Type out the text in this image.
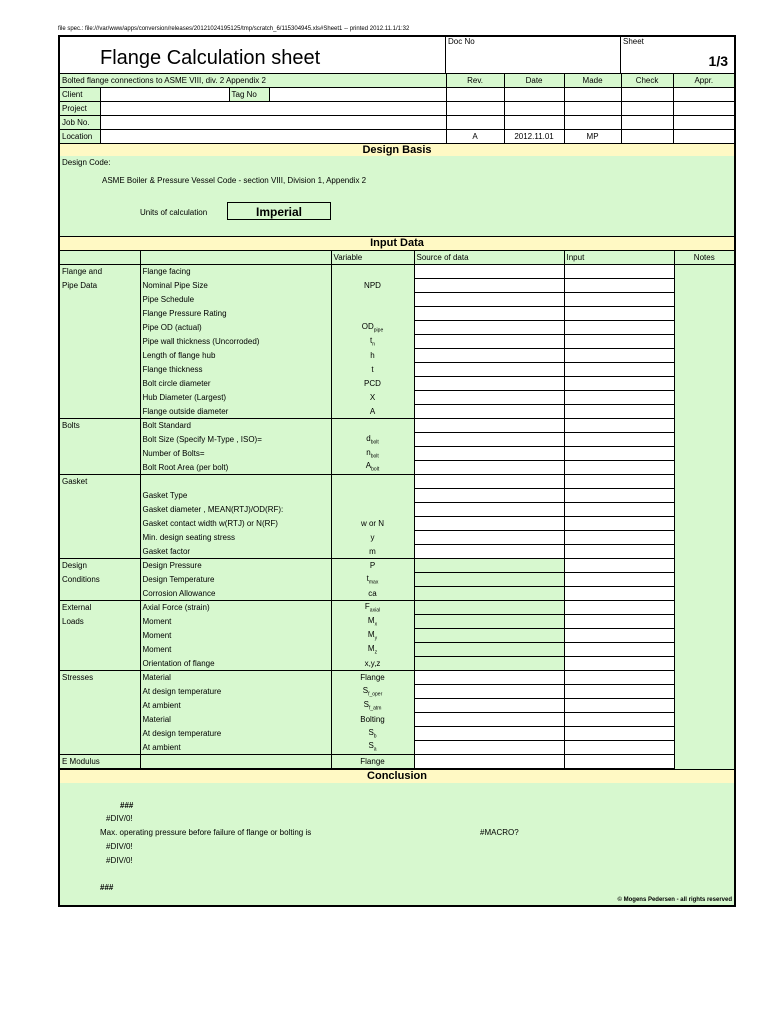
file spec.: file:///var/www/apps/conversion/releases/20121024195125/tmp/scratch_6/115304945.xls#Sheet1 -- printed 2012.11.1/1:32
Flange Calculation sheet
Doc No	Sheet
1/3
Bolted flange connections to ASME VIII, div. 2 Appendix 2				Rev.	Date	Made	Check	Appr.
Client		Tag No						
Project								
Job No.								
Location				A	2012.11.01	MP		
Design Basis
Design Code:
ASME Boiler & Pressure Vessel Code - section VIII, Division 1, Appendix 2
Units of calculation	Imperial
Input Data
		Variable	Source of data	Input	Notes
Flange and	Flange facing				
Pipe Data	Nominal Pipe Size	NPD			
	Pipe Schedule				
	Flange Pressure Rating				
	Pipe OD (actual)	$OD_{pipe}$			
	Pipe wall thickness (Uncorroded)	$t_n$			
	Length of flange hub	h			
	Flange thickness	t			
	Bolt circle diameter	PCD			
	Hub Diameter (Largest)	X			
	Flange outside diameter	A			
Bolts	Bolt Standard				
	Bolt Size (Specify M-Type , ISO)=	$d_{bolt}$			
	Number of Bolts=	$n_{bolt}$			
	Bolt Root Area (per bolt)	$A_{bolt}$			
Gasket					
	Gasket Type				
	Gasket diameter , MEAN(RTJ)/OD(RF):				
	Gasket contact width w(RTJ) or N(RF)	w or N			
	Min. design seating stress	y			
	Gasket factor	m			
Design	Design Pressure	P			
Conditions	Design Temperature	$t_{max}$			
	Corrosion Allowance	ca			
External	Axial Force (strain)	$F_{axial}$			
Loads	Moment	$M_x$			
	Moment	$M_y$			
	Moment	$M_z$			
	Orientation of flange	x,y,z			
Stresses	Material	Flange			
	At design temperature	$S_{f\_oper}$			
	At ambient	$S_{f\_atm}$			
	Material	Bolting			
	At design temperature	$S_b$			
	At ambient	$S_a$			
E Modulus		Flange			
Conclusion
###
#DIV/0!
Max. operating pressure before failure of flange or bolting is	#MACRO?
#DIV/0!
#DIV/0!
###
© Mogens Pedersen - all rights reserved
